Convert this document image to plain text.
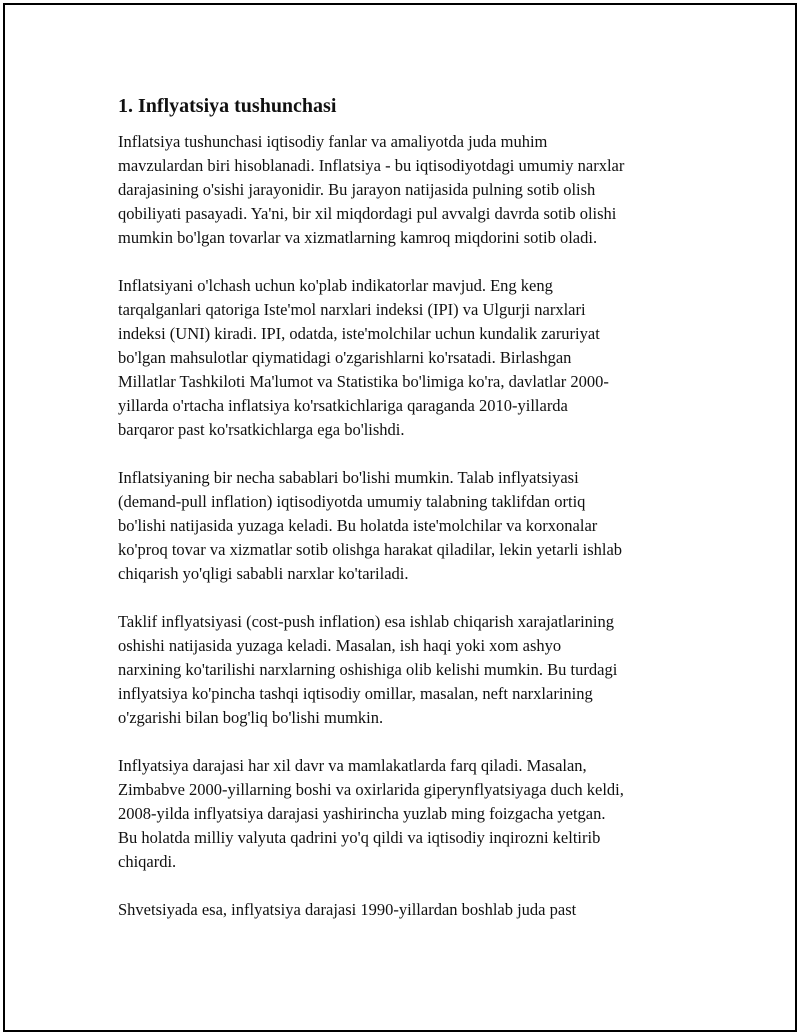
1. Inflyatsiya tushunchasi

Inflatsiya tushunchasi iqtisodiy fanlar va amaliyotda juda muhim
mavzulardan biri hisoblanadi. Inflatsiya - bu iqtisodiyotdagi umumiy narxlar
darajasining o'sishi jarayonidir. Bu jarayon natijasida pulning sotib olish
qobiliyati pasayadi. Ya'ni, bir xil miqdordagi pul avvalgi davrda sotib olishi
mumkin bo'lgan tovarlar va xizmatlarning kamroq miqdorini sotib oladi.

Inflatsiyani o'lchash uchun ko'plab indikatorlar mavjud. Eng keng
tarqalganlari qatoriga Iste'mol narxlari indeksi (IPI) va Ulgurji narxlari
indeksi (UNI) kiradi. IPI, odatda, iste'molchilar uchun kundalik zaruriyat
bo'lgan mahsulotlar qiymatidagi o'zgarishlarni ko'rsatadi. Birlashgan
Millatlar Tashkiloti Ma'lumot va Statistika bo'limiga ko'ra, davlatlar 2000-
yillarda o'rtacha inflatsiya ko'rsatkichlariga qaraganda 2010-yillarda
barqaror past ko'rsatkichlarga ega bo'lishdi.

Inflatsiyaning bir necha sabablari bo'lishi mumkin. Talab inflyatsiyasi
(demand-pull inflation) iqtisodiyotda umumiy talabning taklifdan ortiq
bo'lishi natijasida yuzaga keladi. Bu holatda iste'molchilar va korxonalar
ko'proq tovar va xizmatlar sotib olishga harakat qiladilar, lekin yetarli ishlab
chiqarish yo'qligi sababli narxlar ko'tariladi.

Taklif inflyatsiyasi (cost-push inflation) esa ishlab chiqarish xarajatlarining
oshishi natijasida yuzaga keladi. Masalan, ish haqi yoki xom ashyo
narxining ko'tarilishi narxlarning oshishiga olib kelishi mumkin. Bu turdagi
inflyatsiya ko'pincha tashqi iqtisodiy omillar, masalan, neft narxlarining
o'zgarishi bilan bog'liq bo'lishi mumkin.

Inflyatsiya darajasi har xil davr va mamlakatlarda farq qiladi. Masalan,
Zimbabve 2000-yillarning boshi va oxirlarida giperynflyatsiyaga duch keldi,
2008-yilda inflyatsiya darajasi yashirincha yuzlab ming foizgacha yetgan.
Bu holatda milliy valyuta qadrini yo'q qildi va iqtisodiy inqirozni keltirib
chiqardi.

Shvetsiyada esa, inflyatsiya darajasi 1990-yillardan boshlab juda past
